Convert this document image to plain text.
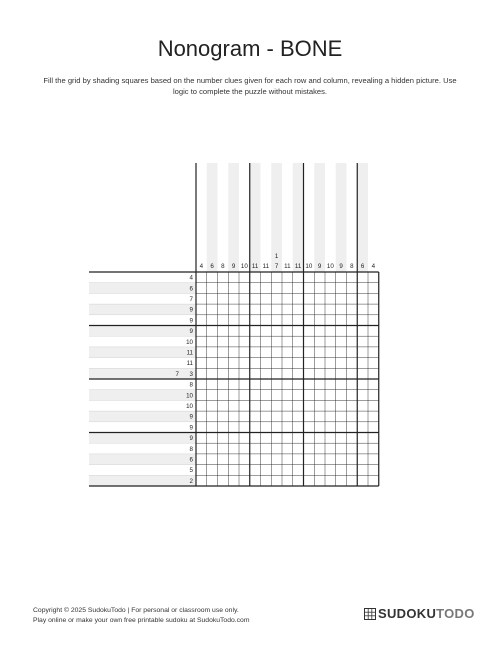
Nonogram - BONE
Fill the grid by shading squares based on the number clues given for each row and column, revealing a hidden picture. Use logic to complete the puzzle without mistakes.
4 6 8 9 10 11 11
1
7 11 11 10 9 10 9 8 6 4
4
6
7
9
9
9
10
11
11
7 3
8
10
10
9
9
9
8
6
5
2
Copyright © 2025 SudokuTodo | For personal or classroom use only.
Play online or make your own free printable sudoku at SudokuTodo.com	SUDOKUTODO
